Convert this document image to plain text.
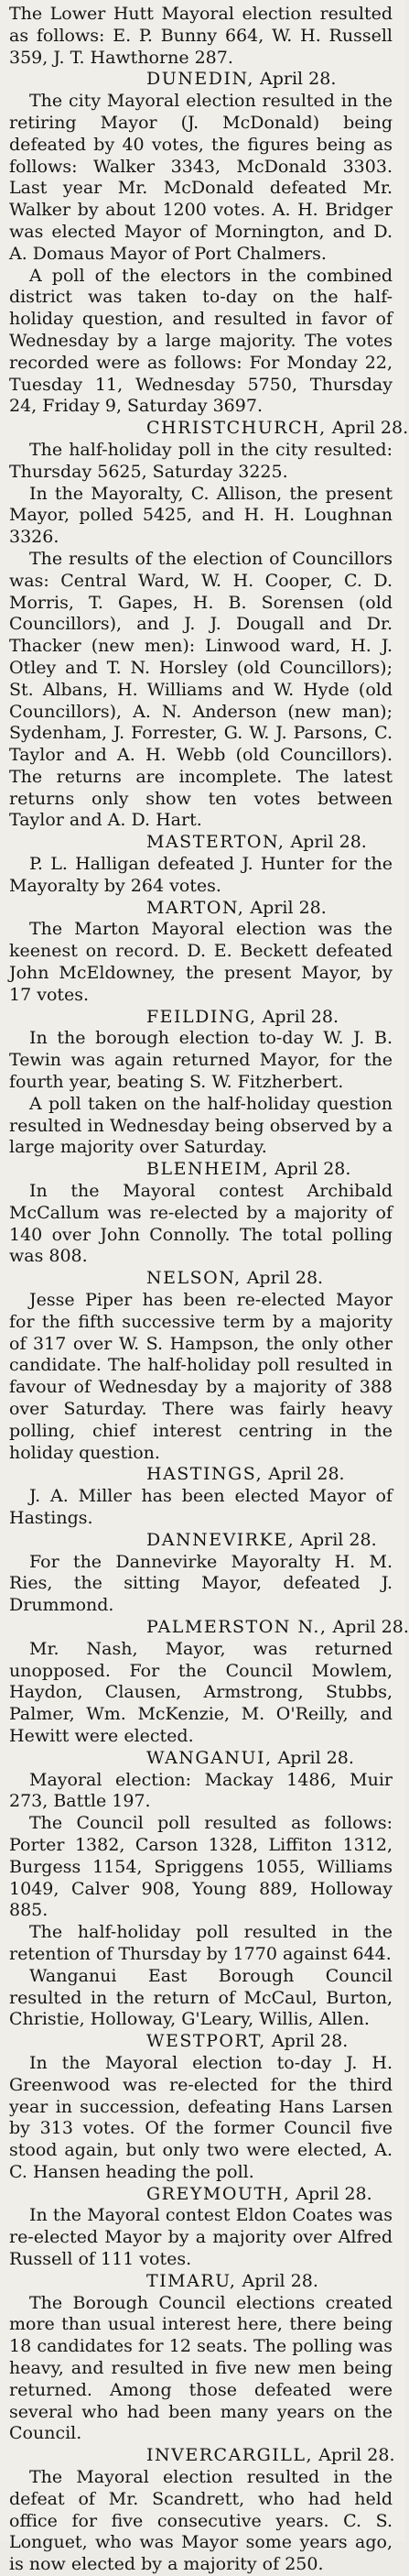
The Lower Hutt Mayoral election resulted as follows: E. P. Bunny 664, W. H. Russell 359, J. T. Hawthorne 287.

DUNEDIN, April 28.

The city Mayoral election resulted in the retiring Mayor (J. McDonald) being defeated by 40 votes, the figures being as follows: Walker 3343, McDonald 3303. Last year Mr. McDonald defeated Mr. Walker by about 1200 votes. A. H. Bridger was elected Mayor of Mornington, and D. A. Domaus Mayor of Port Chalmers.

A poll of the electors in the combined district was taken to-day on the half-holiday question, and resulted in favor of Wednesday by a large majority. The votes recorded were as follows: For Monday 22, Tuesday 11, Wednesday 5750, Thursday 24, Friday 9, Saturday 3697.

CHRISTCHURCH, April 28.

The half-holiday poll in the city resulted: Thursday 5625, Saturday 3225.

In the Mayoralty, C. Allison, the present Mayor, polled 5425, and H. H. Loughnan 3326.

The results of the election of Councillors was: Central Ward, W. H. Cooper, C. D. Morris, T. Gapes, H. B. Sorensen (old Councillors), and J. J. Dougall and Dr. Thacker (new men): Linwood ward, H. J. Otley and T. N. Horsley (old Councillors); St. Albans, H. Williams and W. Hyde (old Councillors), A. N. Anderson (new man); Sydenham, J. Forrester, G. W. J. Parsons, C. Taylor and A. H. Webb (old Councillors). The returns are incomplete. The latest returns only show ten votes between Taylor and A. D. Hart.

MASTERTON, April 28.

P. L. Halligan defeated J. Hunter for the Mayoralty by 264 votes.

MARTON, April 28.

The Marton Mayoral election was the keenest on record. D. E. Beckett defeated John McEldowney, the present Mayor, by 17 votes.

FEILDING, April 28.

In the borough election to-day W. J. B. Tewin was again returned Mayor, for the fourth year, beating S. W. Fitzherbert.

A poll taken on the half-holiday question resulted in Wednesday being observed by a large majority over Saturday.

BLENHEIM, April 28.

In the Mayoral contest Archibald McCallum was re-elected by a majority of 140 over John Connolly. The total polling was 808.

NELSON, April 28.

Jesse Piper has been re-elected Mayor for the fifth successive term by a majority of 317 over W. S. Hampson, the only other candidate. The half-holiday poll resulted in favour of Wednesday by a majority of 388 over Saturday. There was fairly heavy polling, chief interest centring in the holiday question.

HASTINGS, April 28.

J. A. Miller has been elected Mayor of Hastings.

DANNEVIRKE, April 28.

For the Dannevirke Mayoralty H. M. Ries, the sitting Mayor, defeated J. Drummond.

PALMERSTON N., April 28.

Mr. Nash, Mayor, was returned unopposed. For the Council Mowlem, Haydon, Clausen, Armstrong, Stubbs, Palmer, Wm. McKenzie, M. O'Reilly, and Hewitt were elected.

WANGANUI, April 28.

Mayoral election: Mackay 1486, Muir 273, Battle 197.

The Council poll resulted as follows: Porter 1382, Carson 1328, Liffiton 1312, Burgess 1154, Spriggens 1055, Williams 1049, Calver 908, Young 889, Holloway 885.

The half-holiday poll resulted in the retention of Thursday by 1770 against 644.

Wanganui East Borough Council resulted in the return of McCaul, Burton, Christie, Holloway, G'Leary, Willis, Allen.

WESTPORT, April 28.

In the Mayoral election to-day J. H. Greenwood was re-elected for the third year in succession, defeating Hans Larsen by 313 votes. Of the former Council five stood again, but only two were elected, A. C. Hansen heading the poll.

GREYMOUTH, April 28.

In the Mayoral contest Eldon Coates was re-elected Mayor by a majority over Alfred Russell of 111 votes.

TIMARU, April 28.

The Borough Council elections created more than usual interest here, there being 18 candidates for 12 seats. The polling was heavy, and resulted in five new men being returned. Among those defeated were several who had been many years on the Council.

INVERCARGILL, April 28.

The Mayoral election resulted in the defeat of Mr. Scandrett, who had held office for five consecutive years. C. S. Longuet, who was Mayor some years ago, is now elected by a majority of 250.
